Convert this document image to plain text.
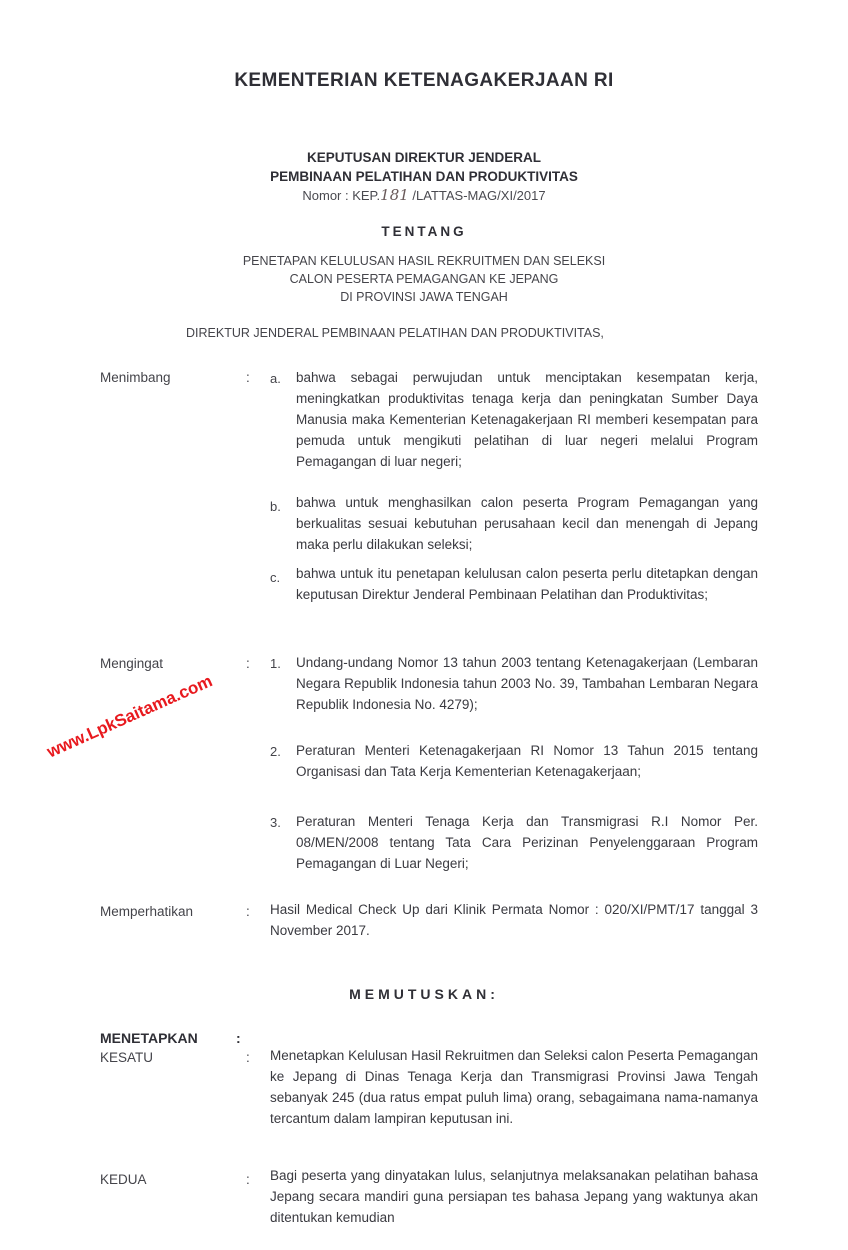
KEMENTERIAN KETENAGAKERJAAN RI
KEPUTUSAN DIREKTUR JENDERAL
PEMBINAAN PELATIHAN DAN PRODUKTIVITAS
Nomor : KEP.181 /LATTAS-MAG/XI/2017
TENTANG
PENETAPAN KELULUSAN HASIL REKRUITMEN DAN SELEKSI
CALON PESERTA PEMAGANGAN KE JEPANG
DI PROVINSI JAWA TENGAH
DIREKTUR JENDERAL PEMBINAAN PELATIHAN DAN PRODUKTIVITAS,
Menimbang	: a. bahwa sebagai perwujudan untuk menciptakan kesempatan kerja, meningkatkan produktivitas tenaga kerja dan peningkatan Sumber Daya Manusia maka Kementerian Ketenagakerjaan RI memberi kesempatan para pemuda untuk mengikuti pelatihan di luar negeri melalui Program Pemagangan di luar negeri;
b. bahwa untuk menghasilkan calon peserta Program Pemagangan yang berkualitas sesuai kebutuhan perusahaan kecil dan menengah di Jepang maka perlu dilakukan seleksi;
c. bahwa untuk itu penetapan kelulusan calon peserta perlu ditetapkan dengan keputusan Direktur Jenderal Pembinaan Pelatihan dan Produktivitas;
Mengingat	: 1. Undang-undang Nomor 13 tahun 2003 tentang Ketenagakerjaan (Lembaran Negara Republik Indonesia tahun 2003 No. 39, Tambahan Lembaran Negara Republik Indonesia No. 4279);
2. Peraturan Menteri Ketenagakerjaan RI Nomor 13 Tahun 2015 tentang Organisasi dan Tata Kerja Kementerian Ketenagakerjaan;
3. Peraturan Menteri Tenaga Kerja dan Transmigrasi R.I Nomor Per. 08/MEN/2008 tentang Tata Cara Perizinan Penyelenggaraan Program Pemagangan di Luar Negeri;
Memperhatikan	: Hasil Medical Check Up dari Klinik Permata Nomor : 020/XI/PMT/17 tanggal 3 November 2017.
MEMUTUSKAN:
MENETAPKAN	:
KESATU	: Menetapkan Kelulusan Hasil Rekruitmen dan Seleksi calon Peserta Pemagangan ke Jepang di Dinas Tenaga Kerja dan Transmigrasi Provinsi Jawa Tengah sebanyak 245 (dua ratus empat puluh lima) orang, sebagaimana nama-namanya tercantum dalam lampiran keputusan ini.
KEDUA	: Bagi peserta yang dinyatakan lulus, selanjutnya melaksanakan pelatihan bahasa Jepang secara mandiri guna persiapan tes bahasa Jepang yang waktunya akan ditentukan kemudian
www.LpkSaitama.com
